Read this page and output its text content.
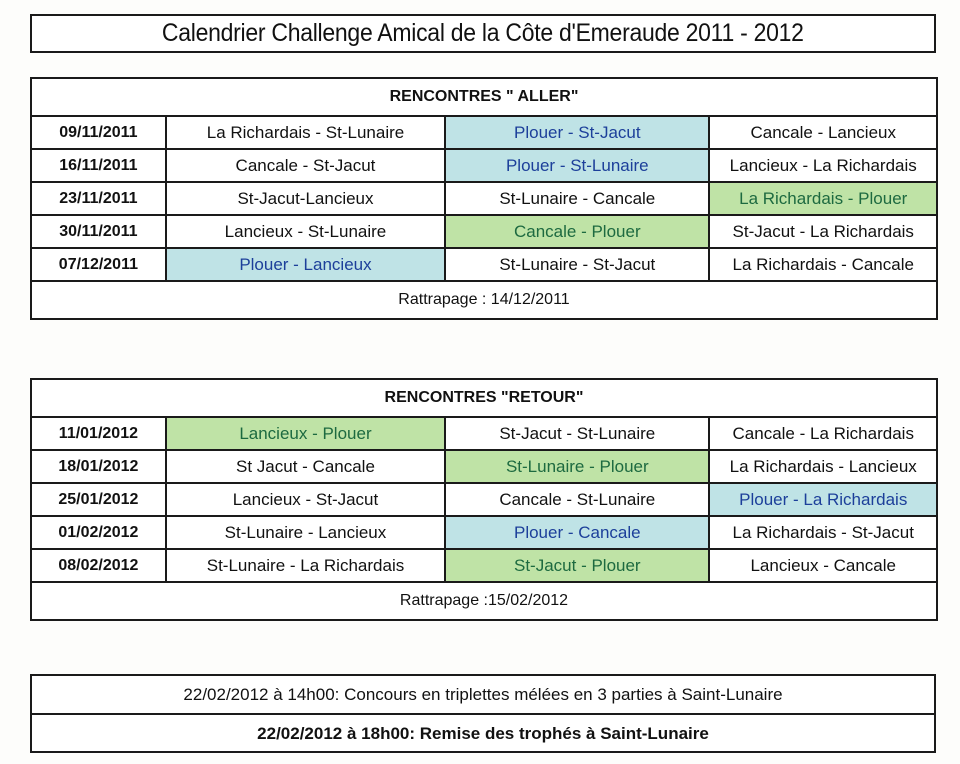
Calendrier Challenge Amical de la Côte d'Emeraude 2011 - 2012
RENCONTRES " ALLER"			
09/11/2011	La Richardais - St-Lunaire	Plouer - St-Jacut	Cancale - Lancieux
16/11/2011	Cancale - St-Jacut	Plouer - St-Lunaire	Lancieux - La Richardais
23/11/2011	St-Jacut-Lancieux	St-Lunaire - Cancale	La Richardais - Plouer
30/11/2011	Lancieux - St-Lunaire	Cancale - Plouer	St-Jacut - La Richardais
07/12/2011	Plouer - Lancieux	St-Lunaire - St-Jacut	La Richardais - Cancale
Rattrapage : 14/12/2011			
RENCONTRES "RETOUR"			
11/01/2012	Lancieux - Plouer	St-Jacut - St-Lunaire	Cancale - La Richardais
18/01/2012	St Jacut - Cancale	St-Lunaire - Plouer	La Richardais - Lancieux
25/01/2012	Lancieux - St-Jacut	Cancale - St-Lunaire	Plouer - La Richardais
01/02/2012	St-Lunaire - Lancieux	Plouer - Cancale	La Richardais - St-Jacut
08/02/2012	St-Lunaire - La Richardais	St-Jacut - Plouer	Lancieux - Cancale
Rattrapage :15/02/2012			
22/02/2012 à 14h00: Concours en triplettes mélées en 3 parties à Saint-Lunaire
22/02/2012 à 18h00: Remise des trophés à Saint-Lunaire
